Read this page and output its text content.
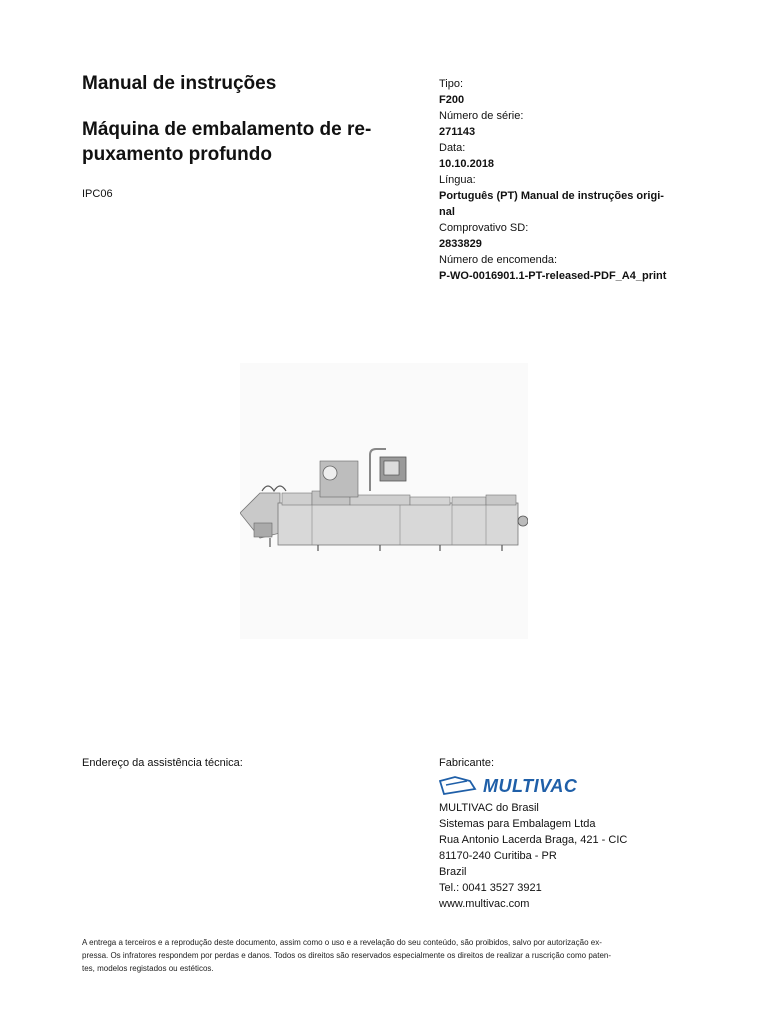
Manual de instruções
Máquina de embalamento de re-
puxamento profundo
IPC06
Tipo:
F200
Número de série:
271143
Data:
10.10.2018
Língua:
Português (PT) Manual de instruções origi-
nal
Comprovativo SD:
2833829
Número de encomenda:
P-WO-0016901.1-PT-released-PDF_A4_print
Endereço da assistência técnica:	Fabricante:
MULTIVAC
MULTIVAC do Brasil
Sistemas para Embalagem Ltda
Rua Antonio Lacerda Braga, 421 - CIC
81170-240 Curitiba - PR
Brazil
Tel.: 0041 3527 3921
www.multivac.com
A entrega a terceiros e a reprodução deste documento, assim como o uso e a revelação do seu conteúdo, são proibidos, salvo por autorização ex-
pressa. Os infratores respondem por perdas e danos. Todos os direitos são reservados especialmente os direitos de realizar a ruscrição como paten-
tes, modelos registados ou estéticos.
